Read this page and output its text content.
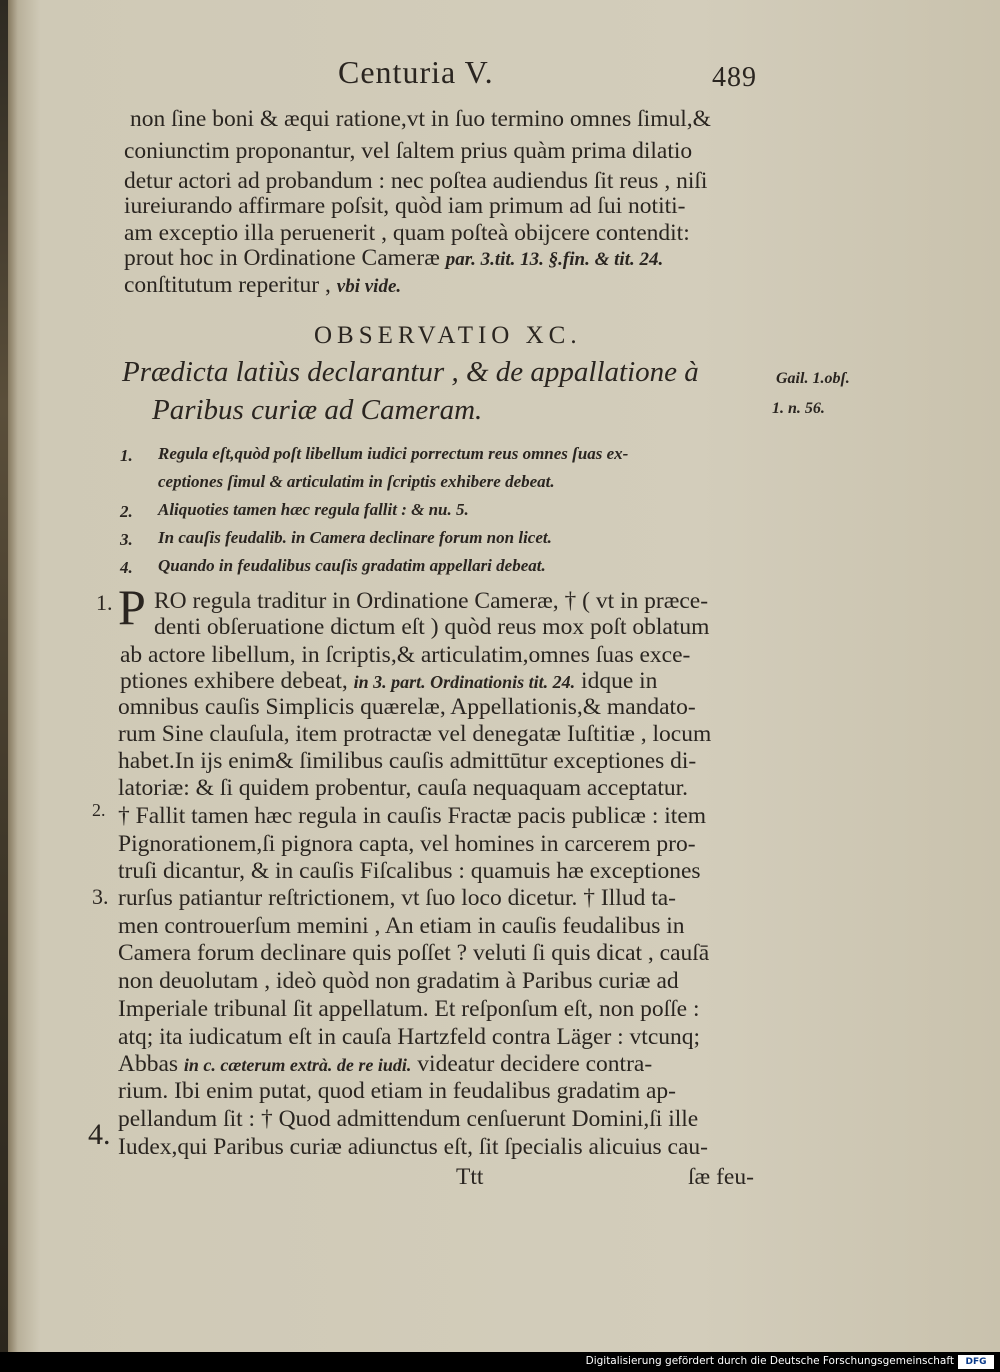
Centuria V.	489
non ſine boni & æqui ratione,vt in ſuo termino omnes ſimul,&
coniunctim proponantur, vel ſaltem prius quàm prima dilatio
detur actori ad probandum : nec poſtea audiendus ſit reus , niſi
iureiurando affirmare poſsit, quòd iam primum ad ſui notiti-
am exceptio illa peruenerit , quam poſteà obijcere contendit:
prout hoc in Ordinatione Cameræ par. 3.tit. 13. §.fin. & tit. 24.
conſtitutum reperitur , vbi vide.
OBSERVATIO XC.
Prædicta latiùs declarantur , & de appallatione à
Paribus curiæ ad Cameram.
Gail. 1.obſ.
1. n. 56.
1. Regula eſt,quòd poſt libellum iudici porrectum reus omnes ſuas ex-
ceptiones ſimul & articulatim in ſcriptis exhibere debeat.
2. Aliquoties tamen hæc regula fallit : & nu. 5.
3. In cauſis feudalib. in Camera declinare forum non licet.
4. Quando in feudalibus cauſis gradatim appellari debeat.
1.
2.
3.
4.
P RO regula traditur in Ordinatione Cameræ, † ( vt in præce-
denti obſeruatione dictum eſt ) quòd reus mox poſt oblatum
ab actore libellum, in ſcriptis,& articulatim,omnes ſuas exce-
ptiones exhibere debeat, in 3. part. Ordinationis tit. 24. idque in
omnibus cauſis Simplicis quærelæ, Appellationis,& mandato-
rum Sine clauſula, item protractæ vel denegatæ Iuſtitiæ , locum
habet.In ijs enim& ſimilibus cauſis admittūtur exceptiones di-
latoriæ: & ſi quidem probentur, cauſa nequaquam acceptatur.
† Fallit tamen hæc regula in cauſis Fractæ pacis publicæ : item
Pignorationem,ſi pignora capta, vel homines in carcerem pro-
truſi dicantur, & in cauſis Fiſcalibus : quamuis hæ exceptiones
rurſus patiantur reſtrictionem, vt ſuo loco dicetur. † Illud ta-
men controuerſum memini , An etiam in cauſis feudalibus in
Camera forum declinare quis poſſet ? veluti ſi quis dicat , cauſā
non deuolutam , ideò quòd non gradatim à Paribus curiæ ad
Imperiale tribunal ſit appellatum. Et reſponſum eſt, non poſſe :
atq; ita iudicatum eſt in cauſa Hartzfeld contra Läger : vtcunq;
Abbas in c. cæterum extrà. de re iudi. videatur decidere contra-
rium. Ibi enim putat, quod etiam in feudalibus gradatim ap-
pellandum ſit : † Quod admittendum cenſuerunt Domini,ſi ille
Iudex,qui Paribus curiæ adiunctus eſt, ſit ſpecialis alicuius cau-
Ttt	ſæ feu-
Digitalisierung gefördert durch die Deutsche Forschungsgemeinschaft	DFG
